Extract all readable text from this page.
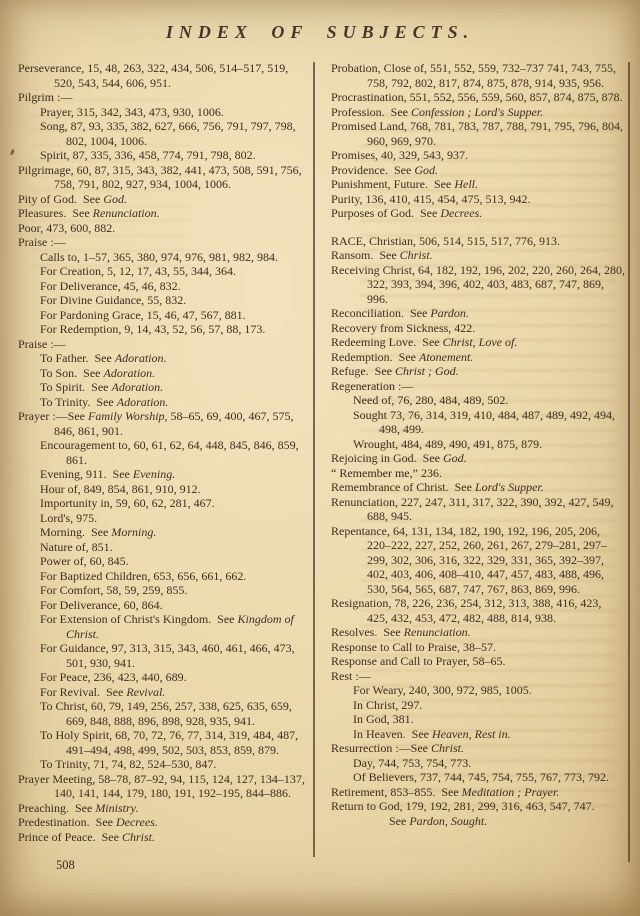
INDEX OF SUBJECTS.
Perseverance, 15, 48, 263, 322, 434, 506, 514–517, 519, 520, 543, 544, 606, 951.
Pilgrim :—
Prayer, 315, 342, 343, 473, 930, 1006.
Song, 87, 93, 335, 382, 627, 666, 756, 791, 797, 798, 802, 1004, 1006.
Spirit, 87, 335, 336, 458, 774, 791, 798, 802.
Pilgrimage, 60, 87, 315, 343, 382, 441, 473, 508, 591, 756, 758, 791, 802, 927, 934, 1004, 1006.
Pity of God.  See God.
Pleasures.  See Renunciation.
Poor, 473, 600, 882.
Praise :—
Calls to, 1–57, 365, 380, 974, 976, 981, 982, 984.
For Creation, 5, 12, 17, 43, 55, 344, 364.
For Deliverance, 45, 46, 832.
For Divine Guidance, 55, 832.
For Pardoning Grace, 15, 46, 47, 567, 881.
For Redemption, 9, 14, 43, 52, 56, 57, 88, 173.
Praise :—
To Father.  See Adoration.
To Son.  See Adoration.
To Spirit.  See Adoration.
To Trinity.  See Adoration.
Prayer :—See Family Worship, 58–65, 69, 400, 467, 575, 846, 861, 901.
Encouragement to, 60, 61, 62, 64, 448, 845, 846, 859, 861.
Evening, 911.  See Evening.
Hour of, 849, 854, 861, 910, 912.
Importunity in, 59, 60, 62, 281, 467.
Lord's, 975.
Morning.  See Morning.
Nature of, 851.
Power of, 60, 845.
For Baptized Children, 653, 656, 661, 662.
For Comfort, 58, 59, 259, 855.
For Deliverance, 60, 864.
For Extension of Christ's Kingdom.  See Kingdom of Christ.
For Guidance, 97, 313, 315, 343, 460, 461, 466, 473, 501, 930, 941.
For Peace, 236, 423, 440, 689.
For Revival.  See Revival.
To Christ, 60, 79, 149, 256, 257, 338, 625, 635, 659, 669, 848, 888, 896, 898, 928, 935, 941.
To Holy Spirit, 68, 70, 72, 76, 77, 314, 319, 484, 487, 491–494, 498, 499, 502, 503, 853, 859, 879.
To Trinity, 71, 74, 82, 524–530, 847.
Prayer Meeting, 58–78, 87–92, 94, 115, 124, 127, 134–137, 140, 141, 144, 179, 180, 191, 192–195, 844–886.
Preaching.  See Ministry.
Predestination.  See Decrees.
Prince of Peace.  See Christ.
Probation, Close of, 551, 552, 559, 732–737 741, 743, 755, 758, 792, 802, 817, 874, 875, 878, 914, 935, 956.
Procrastination, 551, 552, 556, 559, 560, 857, 874, 875, 878.
Profession.  See Confession ; Lord's Supper.
Promised Land, 768, 781, 783, 787, 788, 791, 795, 796, 804, 960, 969, 970.
Promises, 40, 329, 543, 937.
Providence.  See God.
Punishment, Future.  See Hell.
Purity, 136, 410, 415, 454, 475, 513, 942.
Purposes of God.  See Decrees.
RACE, Christian, 506, 514, 515, 517, 776, 913.
Ransom.  See Christ.
Receiving Christ, 64, 182, 192, 196, 202, 220, 260, 264, 280, 322, 393, 394, 396, 402, 403, 483, 687, 747, 869, 996.
Reconciliation.  See Pardon.
Recovery from Sickness, 422.
Redeeming Love.  See Christ, Love of.
Redemption.  See Atonement.
Refuge.  See Christ ; God.
Regeneration :—
Need of, 76, 280, 484, 489, 502.
Sought 73, 76, 314, 319, 410, 484, 487, 489, 492, 494, 498, 499.
Wrought, 484, 489, 490, 491, 875, 879.
Rejoicing in God.  See God.
“ Remember me,” 236.
Remembrance of Christ.  See Lord's Supper.
Renunciation, 227, 247, 311, 317, 322, 390, 392, 427, 549, 688, 945.
Repentance, 64, 131, 134, 182, 190, 192, 196, 205, 206, 220–222, 227, 252, 260, 261, 267, 279–281, 297–299, 302, 306, 316, 322, 329, 331, 365, 392–397, 402, 403, 406, 408–410, 447, 457, 483, 488, 496, 530, 564, 565, 687, 747, 767, 863, 869, 996.
Resignation, 78, 226, 236, 254, 312, 313, 388, 416, 423, 425, 432, 453, 472, 482, 488, 814, 938.
Resolves.  See Renunciation.
Response to Call to Praise, 38–57.
Response and Call to Prayer, 58–65.
Rest :—
For Weary, 240, 300, 972, 985, 1005.
In Christ, 297.
In God, 381.
In Heaven.  See Heaven, Rest in.
Resurrection :—See Christ.
Day, 744, 753, 754, 773.
Of Believers, 737, 744, 745, 754, 755, 767, 773, 792.
Retirement, 853–855.  See Meditation ; Prayer.
Return to God, 179, 192, 281, 299, 316, 463, 547, 747.
See Pardon, Sought.
508
